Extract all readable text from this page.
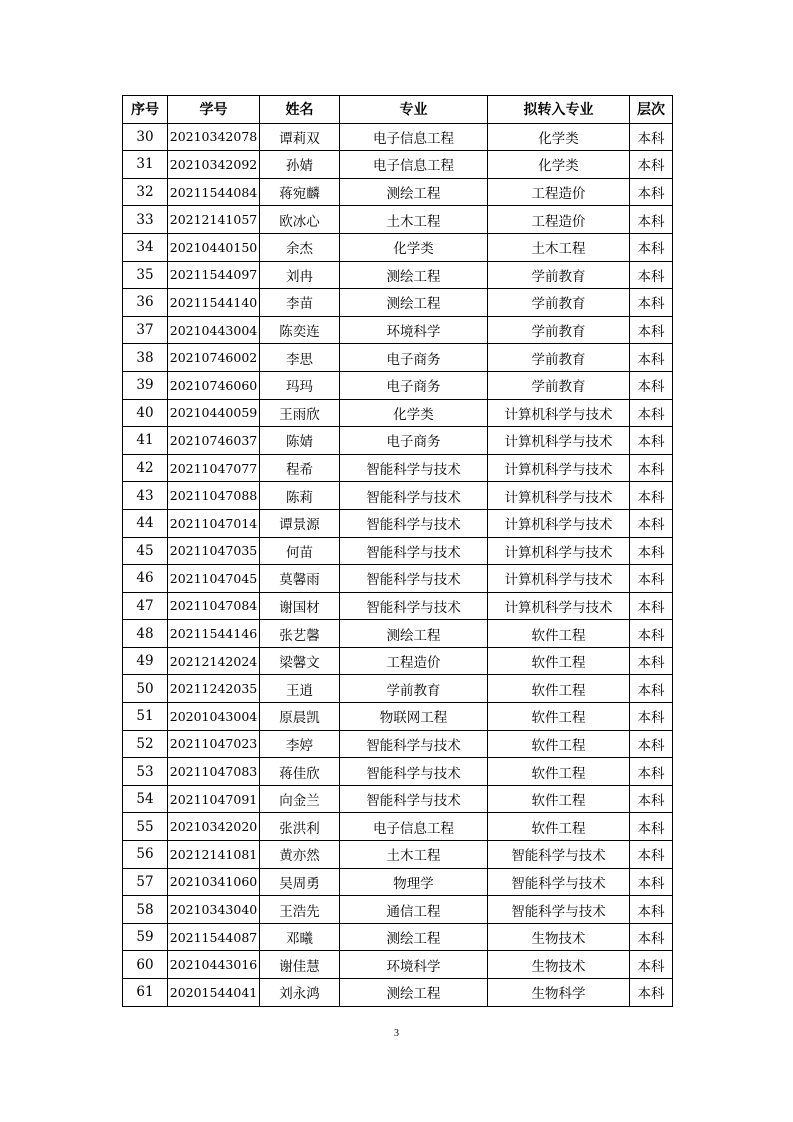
序号	学号	姓名	专业	拟转入专业	层次
30	20210342078	谭莉双	电子信息工程	化学类	本科
31	20210342092	孙婧	电子信息工程	化学类	本科
32	20211544084	蒋宛麟	测绘工程	工程造价	本科
33	20212141057	欧冰心	土木工程	工程造价	本科
34	20210440150	余杰	化学类	土木工程	本科
35	20211544097	刘冉	测绘工程	学前教育	本科
36	20211544140	李苗	测绘工程	学前教育	本科
37	20210443004	陈奕连	环境科学	学前教育	本科
38	20210746002	李思	电子商务	学前教育	本科
39	20210746060	玛玛	电子商务	学前教育	本科
40	20210440059	王雨欣	化学类	计算机科学与技术	本科
41	20210746037	陈婧	电子商务	计算机科学与技术	本科
42	20211047077	程希	智能科学与技术	计算机科学与技术	本科
43	20211047088	陈莉	智能科学与技术	计算机科学与技术	本科
44	20211047014	谭景源	智能科学与技术	计算机科学与技术	本科
45	20211047035	何苗	智能科学与技术	计算机科学与技术	本科
46	20211047045	莫馨雨	智能科学与技术	计算机科学与技术	本科
47	20211047084	谢国材	智能科学与技术	计算机科学与技术	本科
48	20211544146	张艺馨	测绘工程	软件工程	本科
49	20212142024	梁馨文	工程造价	软件工程	本科
50	20211242035	王逍	学前教育	软件工程	本科
51	20201043004	原晨凯	物联网工程	软件工程	本科
52	20211047023	李婷	智能科学与技术	软件工程	本科
53	20211047083	蒋佳欣	智能科学与技术	软件工程	本科
54	20211047091	向金兰	智能科学与技术	软件工程	本科
55	20210342020	张洪利	电子信息工程	软件工程	本科
56	20212141081	黄亦然	土木工程	智能科学与技术	本科
57	20210341060	吴周勇	物理学	智能科学与技术	本科
58	20210343040	王浩先	通信工程	智能科学与技术	本科
59	20211544087	邓曦	测绘工程	生物技术	本科
60	20210443016	谢佳慧	环境科学	生物技术	本科
61	20201544041	刘永鸿	测绘工程	生物科学	本科
3
